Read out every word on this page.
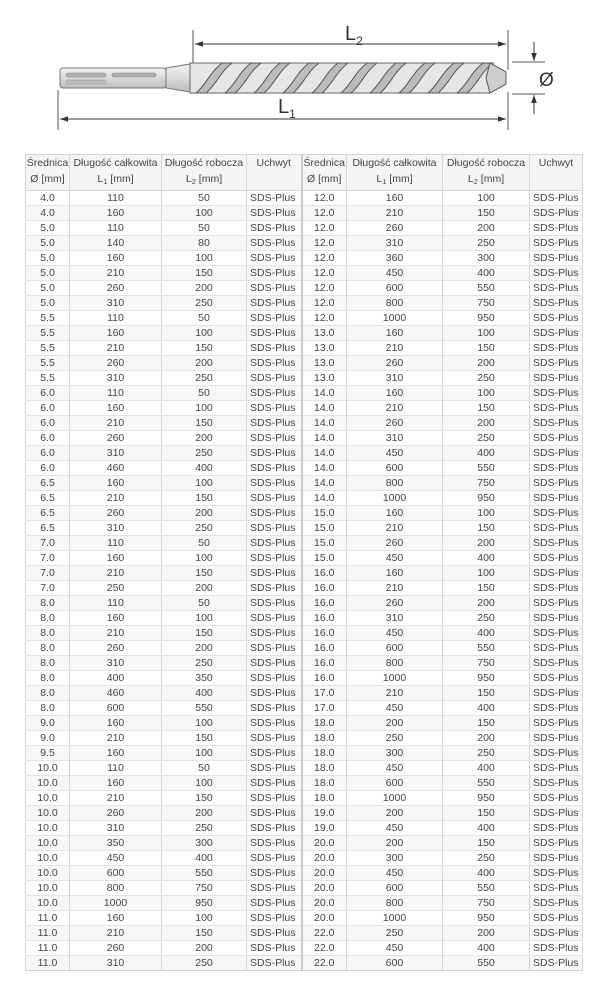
$L_2$
$L_1$
Ø
Średnica	Długość całkowita	Długość robocza	Uchwyt	Średnica	Długość całkowita	Długość robocza	Uchwyt
Ø [mm]	L1 [mm]	L2 [mm]		Ø [mm]	L1 [mm]	L2 [mm]	
4.0	110	50	SDS-Plus	12.0	160	100	SDS-Plus
4.0	160	100	SDS-Plus	12.0	210	150	SDS-Plus
5.0	110	50	SDS-Plus	12.0	260	200	SDS-Plus
5.0	140	80	SDS-Plus	12.0	310	250	SDS-Plus
5.0	160	100	SDS-Plus	12.0	360	300	SDS-Plus
5.0	210	150	SDS-Plus	12.0	450	400	SDS-Plus
5.0	260	200	SDS-Plus	12.0	600	550	SDS-Plus
5.0	310	250	SDS-Plus	12.0	800	750	SDS-Plus
5.5	110	50	SDS-Plus	12.0	1000	950	SDS-Plus
5.5	160	100	SDS-Plus	13.0	160	100	SDS-Plus
5.5	210	150	SDS-Plus	13.0	210	150	SDS-Plus
5.5	260	200	SDS-Plus	13.0	260	200	SDS-Plus
5.5	310	250	SDS-Plus	13.0	310	250	SDS-Plus
6.0	110	50	SDS-Plus	14.0	160	100	SDS-Plus
6.0	160	100	SDS-Plus	14.0	210	150	SDS-Plus
6.0	210	150	SDS-Plus	14.0	260	200	SDS-Plus
6.0	260	200	SDS-Plus	14.0	310	250	SDS-Plus
6.0	310	250	SDS-Plus	14.0	450	400	SDS-Plus
6.0	460	400	SDS-Plus	14.0	600	550	SDS-Plus
6.5	160	100	SDS-Plus	14.0	800	750	SDS-Plus
6.5	210	150	SDS-Plus	14.0	1000	950	SDS-Plus
6.5	260	200	SDS-Plus	15.0	160	100	SDS-Plus
6.5	310	250	SDS-Plus	15.0	210	150	SDS-Plus
7.0	110	50	SDS-Plus	15.0	260	200	SDS-Plus
7.0	160	100	SDS-Plus	15.0	450	400	SDS-Plus
7.0	210	150	SDS-Plus	16.0	160	100	SDS-Plus
7.0	250	200	SDS-Plus	16.0	210	150	SDS-Plus
8.0	110	50	SDS-Plus	16.0	260	200	SDS-Plus
8.0	160	100	SDS-Plus	16.0	310	250	SDS-Plus
8.0	210	150	SDS-Plus	16.0	450	400	SDS-Plus
8.0	260	200	SDS-Plus	16.0	600	550	SDS-Plus
8.0	310	250	SDS-Plus	16.0	800	750	SDS-Plus
8.0	400	350	SDS-Plus	16.0	1000	950	SDS-Plus
8.0	460	400	SDS-Plus	17.0	210	150	SDS-Plus
8.0	600	550	SDS-Plus	17.0	450	400	SDS-Plus
9.0	160	100	SDS-Plus	18.0	200	150	SDS-Plus
9.0	210	150	SDS-Plus	18.0	250	200	SDS-Plus
9.5	160	100	SDS-Plus	18.0	300	250	SDS-Plus
10.0	110	50	SDS-Plus	18.0	450	400	SDS-Plus
10.0	160	100	SDS-Plus	18.0	600	550	SDS-Plus
10.0	210	150	SDS-Plus	18.0	1000	950	SDS-Plus
10.0	260	200	SDS-Plus	19.0	200	150	SDS-Plus
10.0	310	250	SDS-Plus	19.0	450	400	SDS-Plus
10.0	350	300	SDS-Plus	20.0	200	150	SDS-Plus
10.0	450	400	SDS-Plus	20.0	300	250	SDS-Plus
10.0	600	550	SDS-Plus	20.0	450	400	SDS-Plus
10.0	800	750	SDS-Plus	20.0	600	550	SDS-Plus
10.0	1000	950	SDS-Plus	20.0	800	750	SDS-Plus
11.0	160	100	SDS-Plus	20.0	1000	950	SDS-Plus
11.0	210	150	SDS-Plus	22.0	250	200	SDS-Plus
11.0	260	200	SDS-Plus	22.0	450	400	SDS-Plus
11.0	310	250	SDS-Plus	22.0	600	550	SDS-Plus
